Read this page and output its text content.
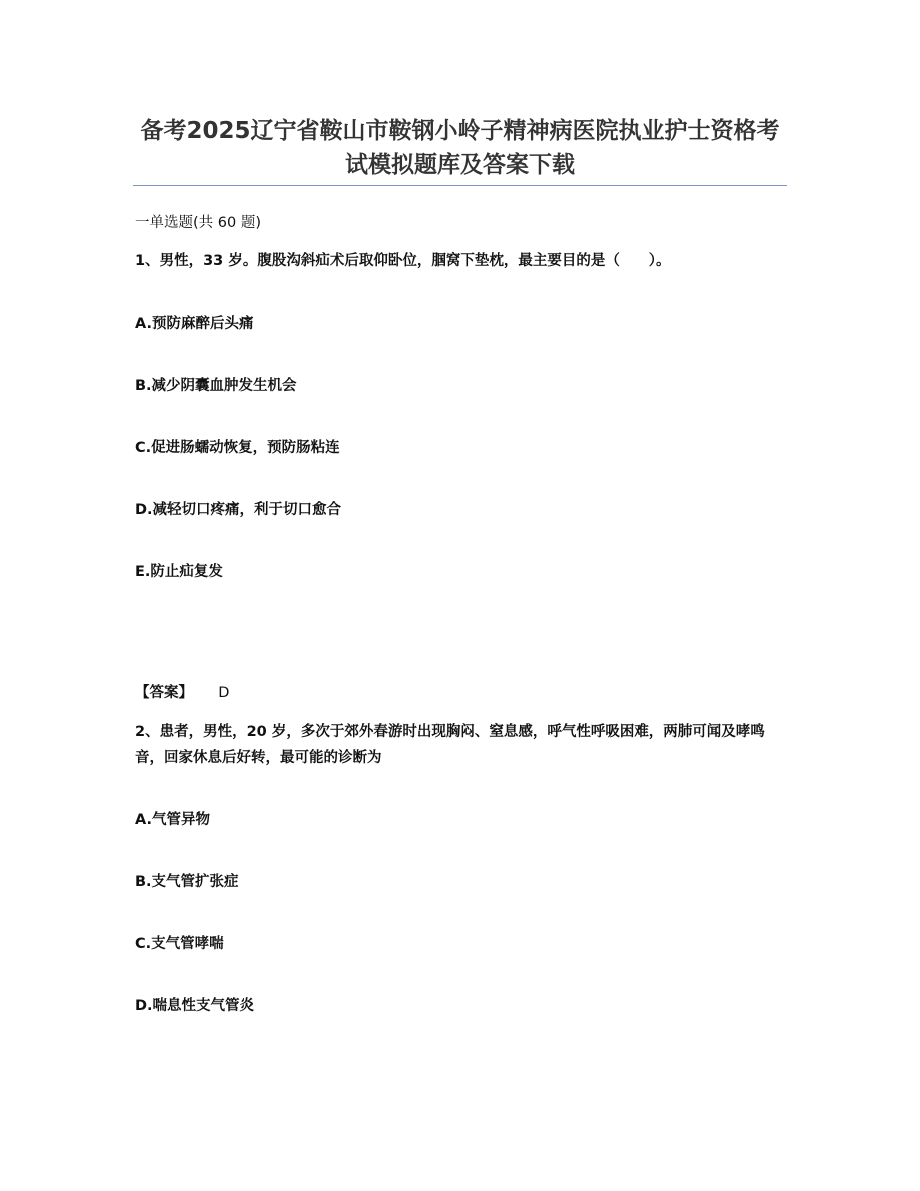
备考2025辽宁省鞍山市鞍钢小岭子精神病医院执业护士资格考试模拟题库及答案下载
一单选题(共 60 题)
1、男性，33 岁。腹股沟斜疝术后取仰卧位，腘窝下垫枕，最主要目的是（　　）。
A.预防麻醉后头痛
B.减少阴囊血肿发生机会
C.促进肠蠕动恢复，预防肠粘连
D.减轻切口疼痛，利于切口愈合
E.防止疝复发
【答案】 D
2、患者，男性，20 岁，多次于郊外春游时出现胸闷、窒息感，呼气性呼吸困难，两肺可闻及哮鸣音，回家休息后好转，最可能的诊断为
A.气管异物
B.支气管扩张症
C.支气管哮喘
D.喘息性支气管炎
